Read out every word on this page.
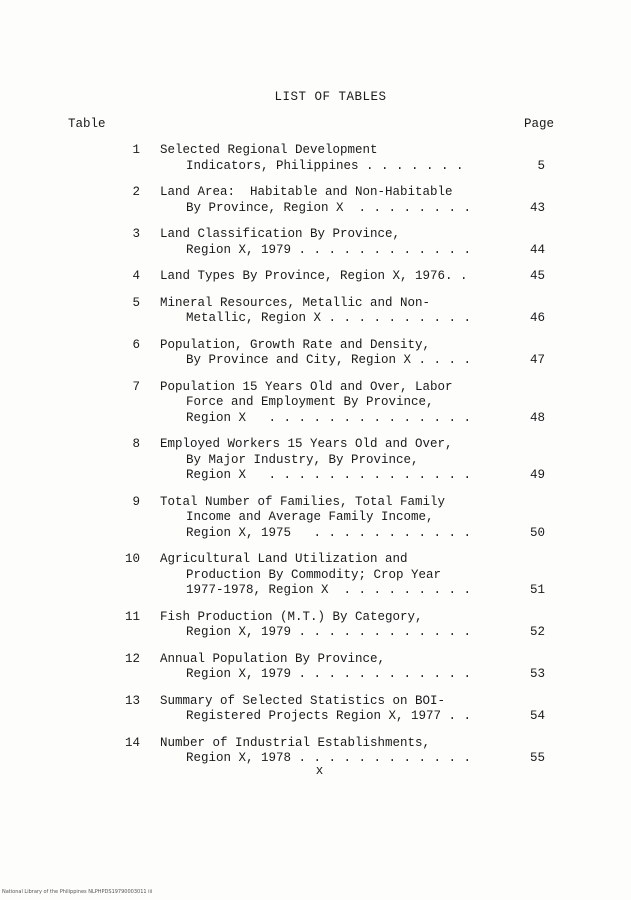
LIST OF TABLES
Table	Page
1	Selected Regional Development
Indicators, Philippines . . . . . . .	5
2	Land Area:  Habitable and Non-Habitable
By Province, Region X  . . . . . . . .	43
3	Land Classification By Province,
Region X, 1979 . . . . . . . . . . . .	44
4	Land Types By Province, Region X, 1976. .	45
5	Mineral Resources, Metallic and Non-
Metallic, Region X . . . . . . . . . .	46
6	Population, Growth Rate and Density,
By Province and City, Region X . . . .	47
7	Population 15 Years Old and Over, Labor
Force and Employment By Province,
Region X   . . . . . . . . . . . . . .	48
8	Employed Workers 15 Years Old and Over,
By Major Industry, By Province,
Region X   . . . . . . . . . . . . . .	49
9	Total Number of Families, Total Family
Income and Average Family Income,
Region X, 1975   . . . . . . . . . . .	50
10	Agricultural Land Utilization and
Production By Commodity; Crop Year
1977-1978, Region X  . . . . . . . . .	51
11	Fish Production (M.T.) By Category,
Region X, 1979 . . . . . . . . . . . .	52
12	Annual Population By Province,
Region X, 1979 . . . . . . . . . . . .	53
13	Summary of Selected Statistics on BOI-
Registered Projects Region X, 1977 . .	54
14	Number of Industrial Establishments,
Region X, 1978 . . . . . . . . . . . .	55
x
National Library of the Philippines NLPHPDS19790003011 iii
